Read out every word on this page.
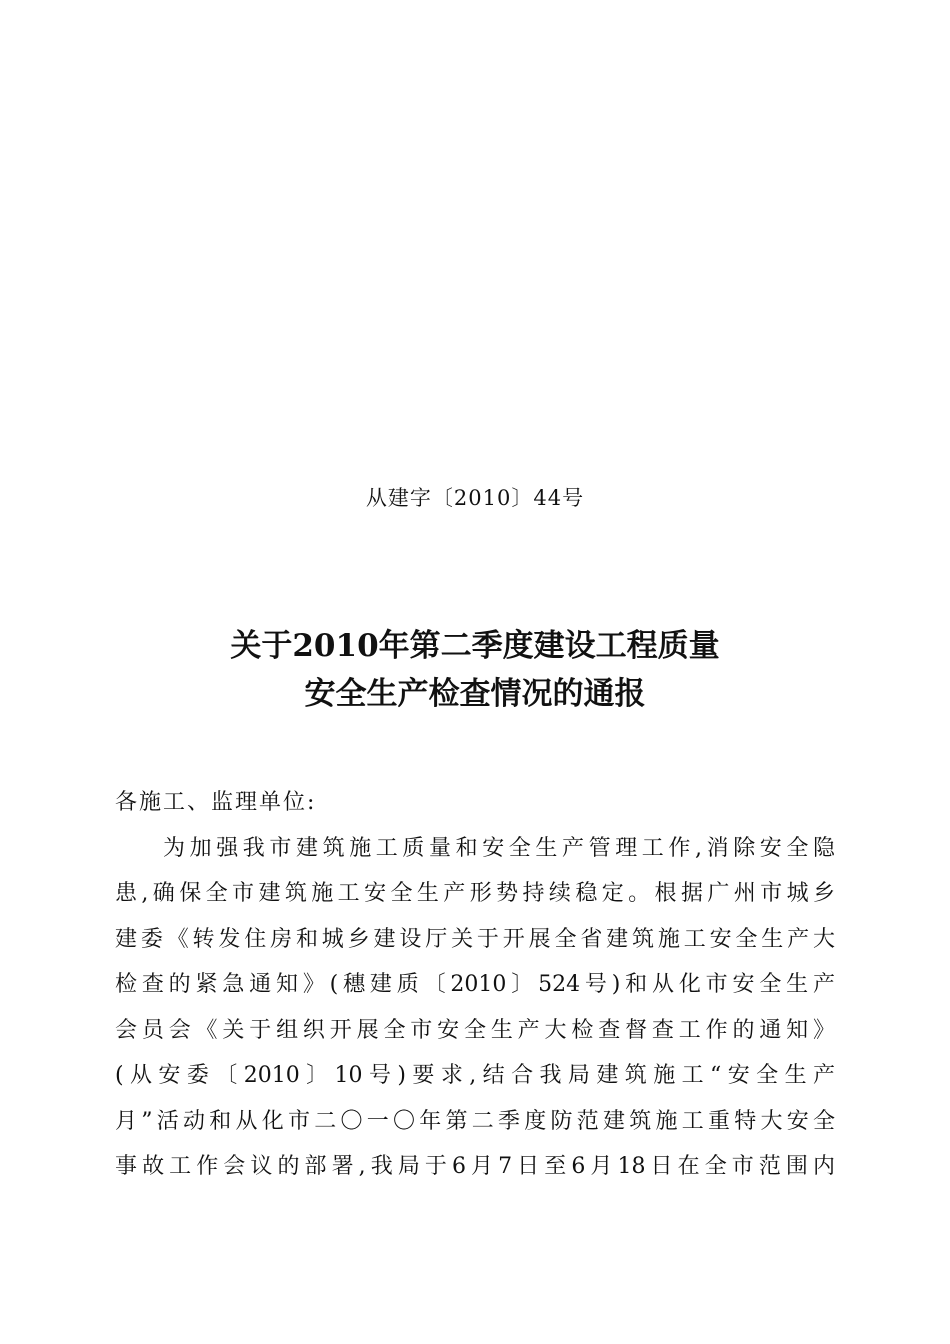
从建字〔2010〕44号
关于2010年第二季度建设工程质量
安全生产检查情况的通报

各施工、监理单位:

为加强我市建筑施工质量和安全生产管理工作,消除安全隐
患,确保全市建筑施工安全生产形势持续稳定。根据广州市城乡
建委《转发住房和城乡建设厅关于开展全省建筑施工安全生产大
检查的紧急通知》(穗建质〔2010〕524号)和从化市安全生产
会员会《关于组织开展全市安全生产大检查督查工作的通知》
(从安委〔2010〕10号)要求,结合我局建筑施工“安全生产
月”活动和从化市二〇一〇年第二季度防范建筑施工重特大安全
事故工作会议的部署,我局于6月7日至6月18日在全市范围内
